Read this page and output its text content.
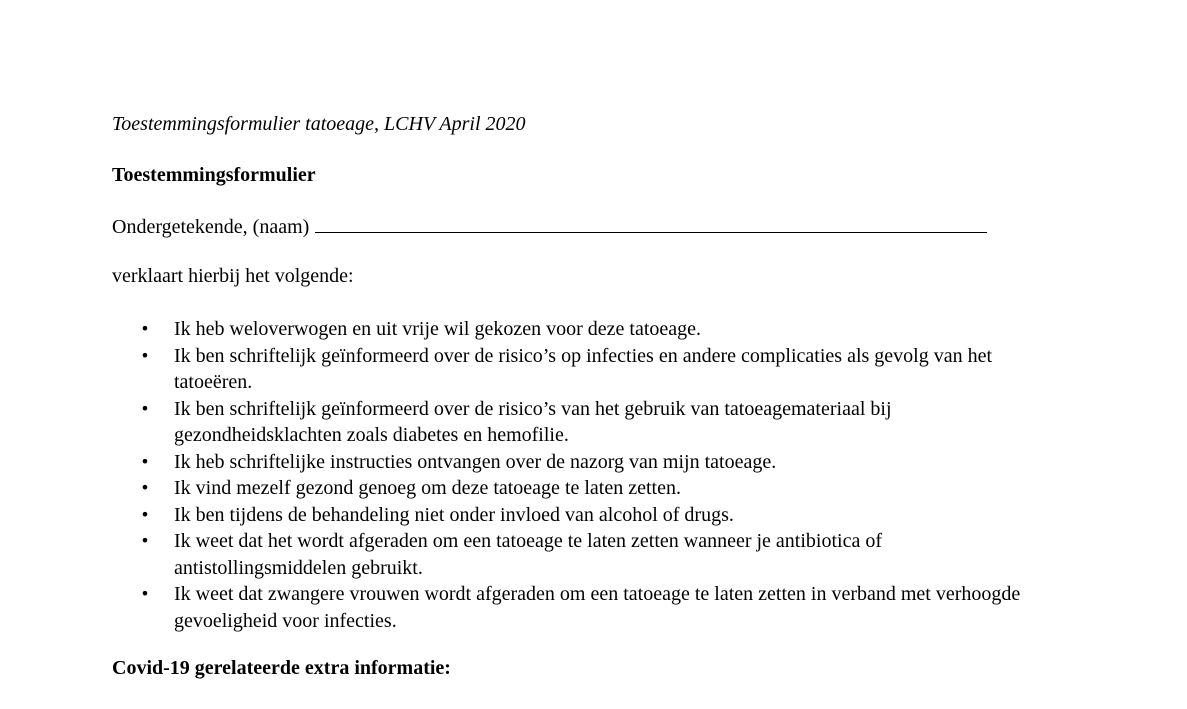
Toestemmingsformulier tatoeage, LCHV April 2020
Toestemmingsformulier
Ondergetekende, (naam)
verklaart hierbij het volgende:
• Ik heb weloverwogen en uit vrije wil gekozen voor deze tatoeage.
• Ik ben schriftelijk geïnformeerd over de risico’s op infecties en andere complicaties als gevolg van het tatoeëren.
• Ik ben schriftelijk geïnformeerd over de risico’s van het gebruik van tatoeagemateriaal bij gezondheidsklachten zoals diabetes en hemofilie.
• Ik heb schriftelijke instructies ontvangen over de nazorg van mijn tatoeage.
• Ik vind mezelf gezond genoeg om deze tatoeage te laten zetten.
• Ik ben tijdens de behandeling niet onder invloed van alcohol of drugs.
• Ik weet dat het wordt afgeraden om een tatoeage te laten zetten wanneer je antibiotica of antistollingsmiddelen gebruikt.
• Ik weet dat zwangere vrouwen wordt afgeraden om een tatoeage te laten zetten in verband met verhoogde gevoeligheid voor infecties.
Covid-19 gerelateerde extra informatie:
